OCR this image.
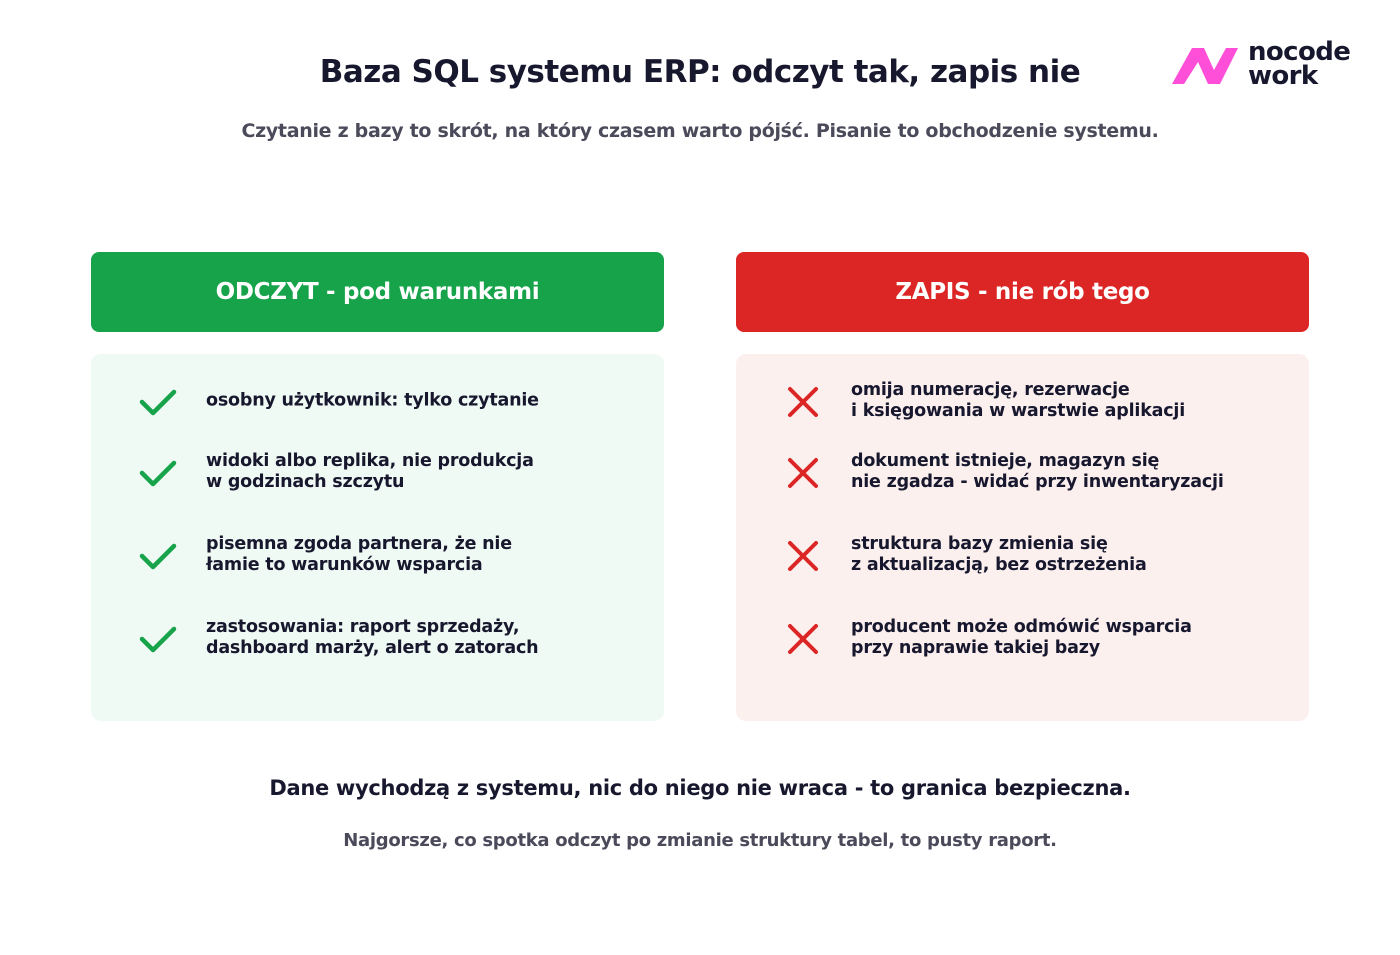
Baza SQL systemu ERP: odczyt tak, zapis nie
Czytanie z bazy to skrót, na który czasem warto pójść. Pisanie to obchodzenie systemu.
nocode
work
ODCZYT - pod warunkami	ZAPIS - nie rób tego
osobny użytkownik: tylko czytanie
widoki albo replika, nie produkcja
w godzinach szczytu
pisemna zgoda partnera, że nie
łamie to warunków wsparcia
zastosowania: raport sprzedaży,
dashboard marży, alert o zatorach
omija numerację, rezerwacje
i księgowania w warstwie aplikacji
dokument istnieje, magazyn się
nie zgadza - widać przy inwentaryzacji
struktura bazy zmienia się
z aktualizacją, bez ostrzeżenia
producent może odmówić wsparcia
przy naprawie takiej bazy
Dane wychodzą z systemu, nic do niego nie wraca - to granica bezpieczna.
Najgorsze, co spotka odczyt po zmianie struktury tabel, to pusty raport.
